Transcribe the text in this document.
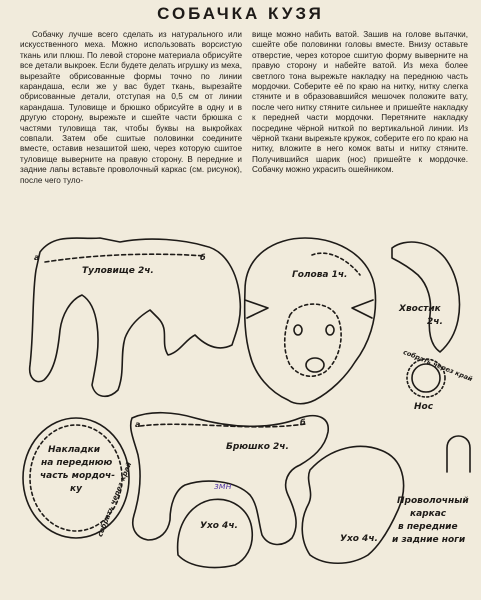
СОБАЧКА КУЗЯ

Собачку лучше всего сделать из натурального или искусственного меха. Можно использовать ворсистую ткань или плюш. По левой стороне материала обрисуйте все детали выкроек. Если будете делать игрушку из меха, вырезайте обрисованные формы точно по линии карандаша, если же у вас будет ткань, вырезайте обрисованные детали, отступая на 0,5 см от линии карандаша. Туловище и брюшко обрисуйте в одну и в другую сторону, вырежьте и сшейте части брюшка с частями туловища так, чтобы буквы на выкройках совпали. Затем обе сшитые половинки соедините вместе, оставив незашитой шею, через которую сшитое туловище выверните на правую сторону. В передние и задние лапы вставьте проволочный каркас (см. рисунок), после чего туло-

вище можно набить ватой. Зашив на голове вытачки, сшейте обе половинки головы вместе. Внизу оставьте отверстие, через которое сшитую форму выверните на правую сторону и набейте ватой. Из меха более светлого тона вырежьте накладку на переднюю часть мордочки. Соберите её по краю на нитку, нитку слегка стяните и в образовавшийся мешочек положите вату, после чего нитку стяните сильнее и пришейте накладку к передней части мордочки. Перетяните накладку посредине чёрной ниткой по вертикальной линии. Из чёрной ткани вырежьте кружок, соберите его по краю на нитку, вложите в него комок ваты и нитку стяните. Получившийся шарик (нос) пришейте к мордочке. Собачку можно украсить ошейником.

а	б
Туловище 2ч.	Голова 1ч.
Хвостик
2ч.
собрать через край
Нос
Накладки
на переднюю
часть мордоч-
ку собрать через край
а	б
Брюшко 2ч.
змн
Ухо 4ч.
Ухо 4ч.
Проволочный
каркас
в передние
и задние ноги
